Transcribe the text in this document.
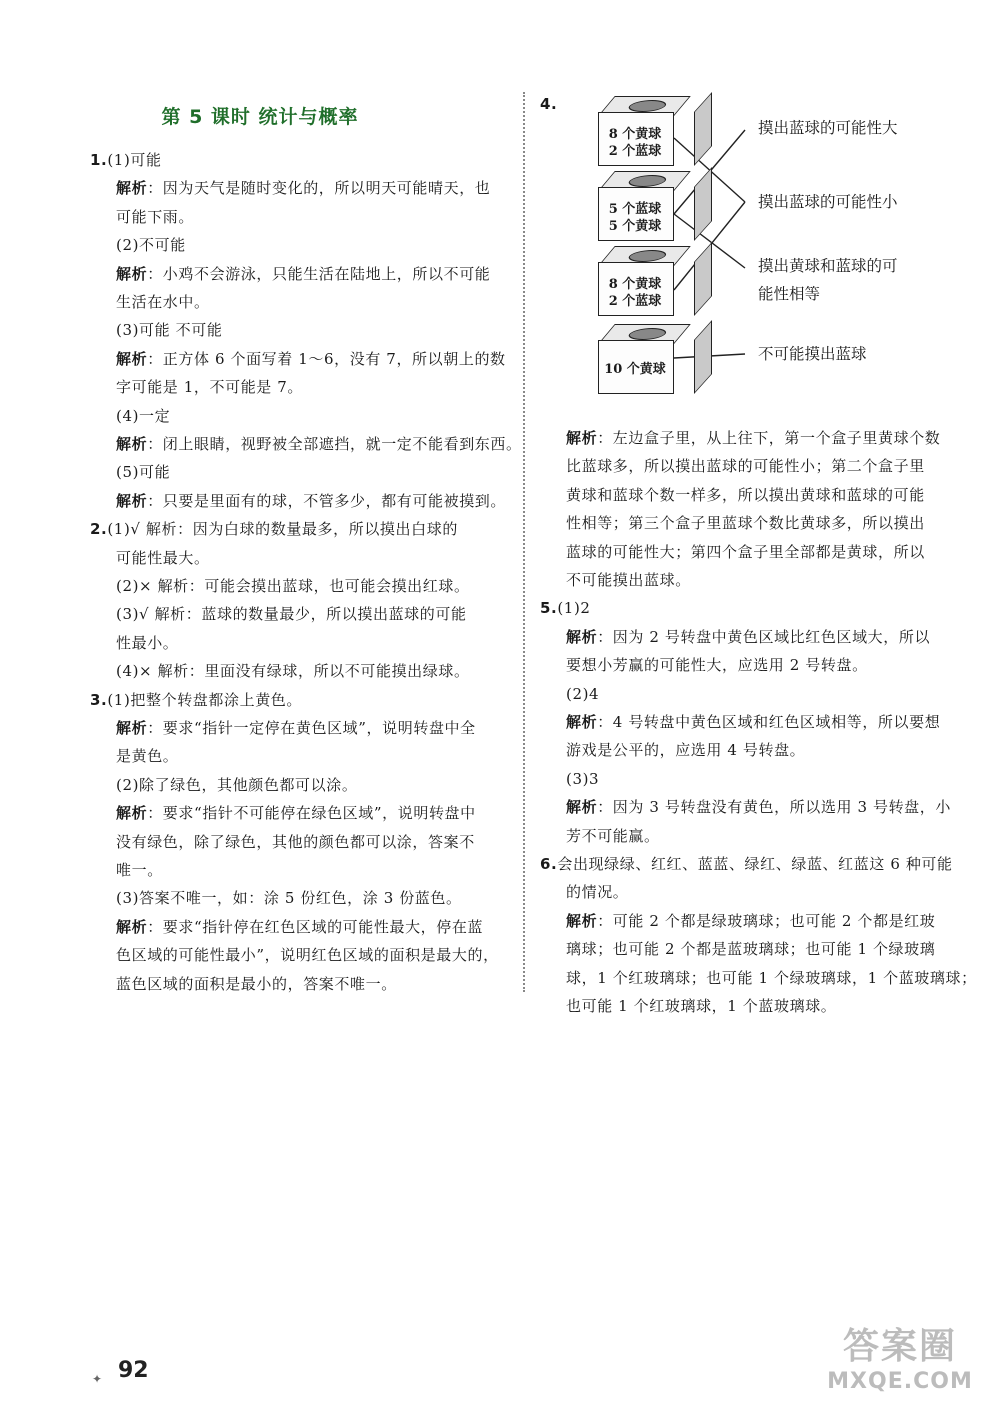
第 5 课时 统计与概率
1.(1)可能
解析：因为天气是随时变化的，所以明天可能晴天，也
可能下雨。
(2)不可能
解析：小鸡不会游泳，只能生活在陆地上，所以不可能
生活在水中。
(3)可能 不可能
解析：正方体 6 个面写着 1～6，没有 7，所以朝上的数
字可能是 1，不可能是 7。
(4)一定
解析：闭上眼睛，视野被全部遮挡，就一定不能看到东西。
(5)可能
解析：只要是里面有的球，不管多少，都有可能被摸到。
2.(1)√ 解析：因为白球的数量最多，所以摸出白球的
可能性最大。
(2)× 解析：可能会摸出蓝球，也可能会摸出红球。
(3)√ 解析：蓝球的数量最少，所以摸出蓝球的可能
性最小。
(4)× 解析：里面没有绿球，所以不可能摸出绿球。
3.(1)把整个转盘都涂上黄色。
解析：要求“指针一定停在黄色区域”，说明转盘中全
是黄色。
(2)除了绿色，其他颜色都可以涂。
解析：要求“指针不可能停在绿色区域”，说明转盘中
没有绿色，除了绿色，其他的颜色都可以涂，答案不
唯一。
(3)答案不唯一，如：涂 5 份红色，涂 3 份蓝色。
解析：要求“指针停在红色区域的可能性最大，停在蓝
色区域的可能性最小”，说明红色区域的面积是最大的，
蓝色区域的面积是最小的，答案不唯一。
4.
8 个黄球
2 个蓝球
5 个蓝球
5 个黄球
8 个黄球
2 个蓝球
10 个黄球
摸出蓝球的可能性大
摸出蓝球的可能性小
摸出黄球和蓝球的可
能性相等
不可能摸出蓝球
解析：左边盒子里，从上往下，第一个盒子里黄球个数
比蓝球多，所以摸出蓝球的可能性小；第二个盒子里
黄球和蓝球个数一样多，所以摸出黄球和蓝球的可能
性相等；第三个盒子里蓝球个数比黄球多，所以摸出
蓝球的可能性大；第四个盒子里全部都是黄球，所以
不可能摸出蓝球。
5.(1)2
解析：因为 2 号转盘中黄色区域比红色区域大，所以
要想小芳赢的可能性大，应选用 2 号转盘。
(2)4
解析：4 号转盘中黄色区域和红色区域相等，所以要想
游戏是公平的，应选用 4 号转盘。
(3)3
解析：因为 3 号转盘没有黄色，所以选用 3 号转盘，小
芳不可能赢。
6.会出现绿绿、红红、蓝蓝、绿红、绿蓝、红蓝这 6 种可能
的情况。
解析：可能 2 个都是绿玻璃球；也可能 2 个都是红玻
璃球；也可能 2 个都是蓝玻璃球；也可能 1 个绿玻璃
球，1 个红玻璃球；也可能 1 个绿玻璃球，1 个蓝玻璃球；
也可能 1 个红玻璃球，1 个蓝玻璃球。
92
✦
答案圈
MXQE.COM
